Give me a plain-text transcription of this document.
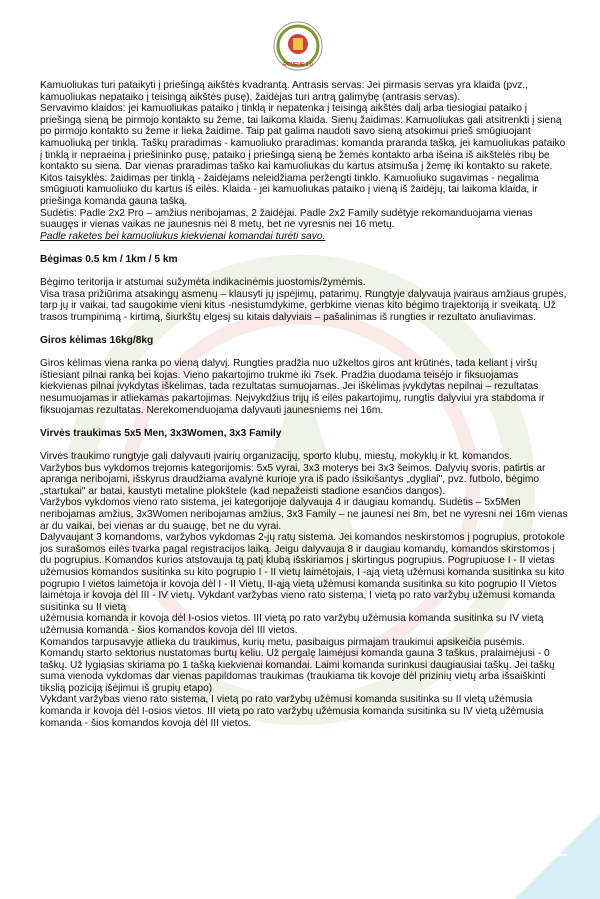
ROVEUE 2.0

Kamuoliukas turi pataikyti į priešingą aikštės kvadrantą. Antrasis servas: Jei pirmasis servas yra klaida (pvz., kamuoliukas nepataiko į teisingą aikštės pusę), žaidėjas turi antrą galimybę (antrasis servas).

Servavimo klaidos: jei kamuoliukas pataiko į tinklą ir nepatenka į teisingą aikštės dalį arba tiesiogiai pataiko į priešingą sieną be pirmojo kontakto su žeme, tai laikoma klaida. Sienų žaidimas: Kamuoliukas gali atsitrenkti į sieną po pirmojo kontakto su žeme ir lieka žaidime. Taip pat galima naudoti savo sieną atsokimui prieš smūgiuojant kamuoliuką per tinklą. Taškų praradimas - kamuoliuko praradimas: komanda praranda tašką, jei kamuoliukas pataiko į tinklą ir nepraeina į priešininko pusę, pataiko į priešingą sieną be žemės kontakto arba išeina iš aikštelės ribų be kontakto su siena. Dar vienas praradimas taško kai kamuoliukas du kartus atsimuša į žemę iki kontakto su rakete. Kitos taisyklės: žaidimas per tinklą - žaidėjams neleidžiama peržengti tinklo. Kamuoliuko sugavimas - negalima smūgiuoti kamuoliuko du kartus iš eilės. Klaida - jei kamuoliukas pataiko į vieną iš žaidėjų, tai laikoma klaida, ir priešinga komanda gauna tašką.

Sudėtis: Padle 2x2 Pro – amžius neribojamas, 2 žaidėjai. Padle 2x2 Family sudėtyje rekomanduojama vienas suaugęs ir vienas vaikas ne jaunesnis nei 8 metų, bet ne vyresnis nei 16 metų.

Padle raketes bei kamuoliukus kiekvienai komandai turėti savo.

Bėgimas 0.5 km / 1km / 5 km

Bėgimo teritorija ir atstumai sužymėta indikacinėmis juostomis/žymėmis.

Visa trasa prižiūrima atsakingų asmenų – klausyti jų įspėjimų, patarimų. Rungtyje dalyvauja įvairaus amžiaus grupės, tarp jų ir vaikai, tad saugokime vieni kitus -nesistumdykime, gerbkime vienas kito bėgimo trajektoriją ir sveikatą. Už trasos trumpinimą - kirtimą, šiurkštų elgesį su kitais dalyviais – pašalinimas iš rungties ir rezultato anuliavimas.

Giros kėlimas 16kg/8kg

Giros kėlimas viena ranka po vieną dalyvį. Rungties pradžia nuo užkeltos giros ant krūtinės, tada keliant į viršų ištiesiant pilnai ranką bei kojas. Vieno pakartojimo trukmė iki 7sek. Pradžia duodama teisėjo ir fiksuojamas kiekvienas pilnai įvykdytas iškėlimas, tada rezultatas sumuojamas. Jei iškėlimas įvykdytas nepilnai – rezultatas nesumuojamas ir atliekamas pakartojimas. Neįvykdžius trijų iš eilės pakartojimų, rungtis dalyviui yra stabdoma ir fiksuojamas rezultatas. Nerekomenduojama dalyvauti jaunesniems nei 16m.

Virvės traukimas 5x5 Men, 3x3Women, 3x3 Family

Virvės traukimo rungtyje gali dalyvauti įvairių organizacijų, sporto klubų, miestų, mokyklų ir kt. komandos.

Varžybos bus vykdomos trejomis kategorijomis: 5x5 vyrai, 3x3 moterys bei 3x3 šeimos. Dalyvių svoris, patirtis ar apranga neribojami, išskyrus draudžiama avalynė kurioje yra iš pado išsikišantys „dygliai", pvz. futbolo, bėgimo „startukai" ar batai, kaustyti metaline plokštele (kad nepažeisti stadione esančios dangos).

Varžybos vykdomos vieno rato sistema, jei kategorijoje dalyvauja 4 ir daugiau komandų. Sudėtis – 5x5Men neribojamas amžius, 3x3Women neribojamas amžius, 3x3 Family – ne jaunesi nei 8m, bet ne vyresni nei 16m vienas ar du vaikai, bei vienas ar du suaugę, bet ne du vyrai.

Dalyvaujant 3 komandoms, varžybos vykdomas 2-jų ratų sistema. Jei komandos neskirstomos į pogrupius, protokole jos surašomos eilės tvarka pagal registracijos laiką. Jeigu dalyvauja 8 ir daugiau komandų, komandos skirstomos į du pogrupius. Komandos kurios atstovauja tą patį klubą išskiriamos į skirtingus pogrupius. Pogrupiuose I - II vietas užėmusios komandos susitinka su kito pogrupio I - II vietų laimėtojais, I -ają vietą užėmusi komanda susitinka su kito pogrupio I vietos laimėtoja ir kovoja dėl I - II Vietų, II-ąją vietą užėmusi komanda susitinka su kito pogrupio II Vietos laimėtoja ir kovoja dėl III - IV vietų. Vykdant varžybas vieno rato sistema, I vietą po rato varžybų užėmusi komanda susitinka su II vietą

užėmusia komanda ir kovoja dėl I-osios vietos. III vietą po rato varžybų užėmusia komanda susitinka su IV vietą užėmusia komanda - šios komandos kovoja dėl III vietos.

Komandos tarpusavyje atlieka du traukimus, kurių metu, pasibaigus pirmajam traukimui apsikeičia pusėmis.

Komandų starto sektorius nustatomas burtų keliu. Už pergalę laimėjusi komanda gauna 3 taškus, pralaimėjusi - 0 taškų. Už lygiąsias skiriama po 1 tašką kiekvienai komandai. Laimi komanda surinkusi daugiausiai taškų. Jei taškų suma vienoda vykdomas dar vienas papildomas traukimas (traukiama tik kovoje dėl prizinių vietų arba išsaiškinti tikslią poziciją išėjimui iš grupių etapo)

Vykdant varžybas vieno rato sistema, I vietą po rato varžybų užėmusi komanda susitinka su II vietą užėmusia komanda ir kovoja dėl I-osios vietos. III vietą po rato varžybų užėmusia komanda susitinka su IV vietą užėmusia komanda - šios komandos kovoja dėl III vietos.

2
